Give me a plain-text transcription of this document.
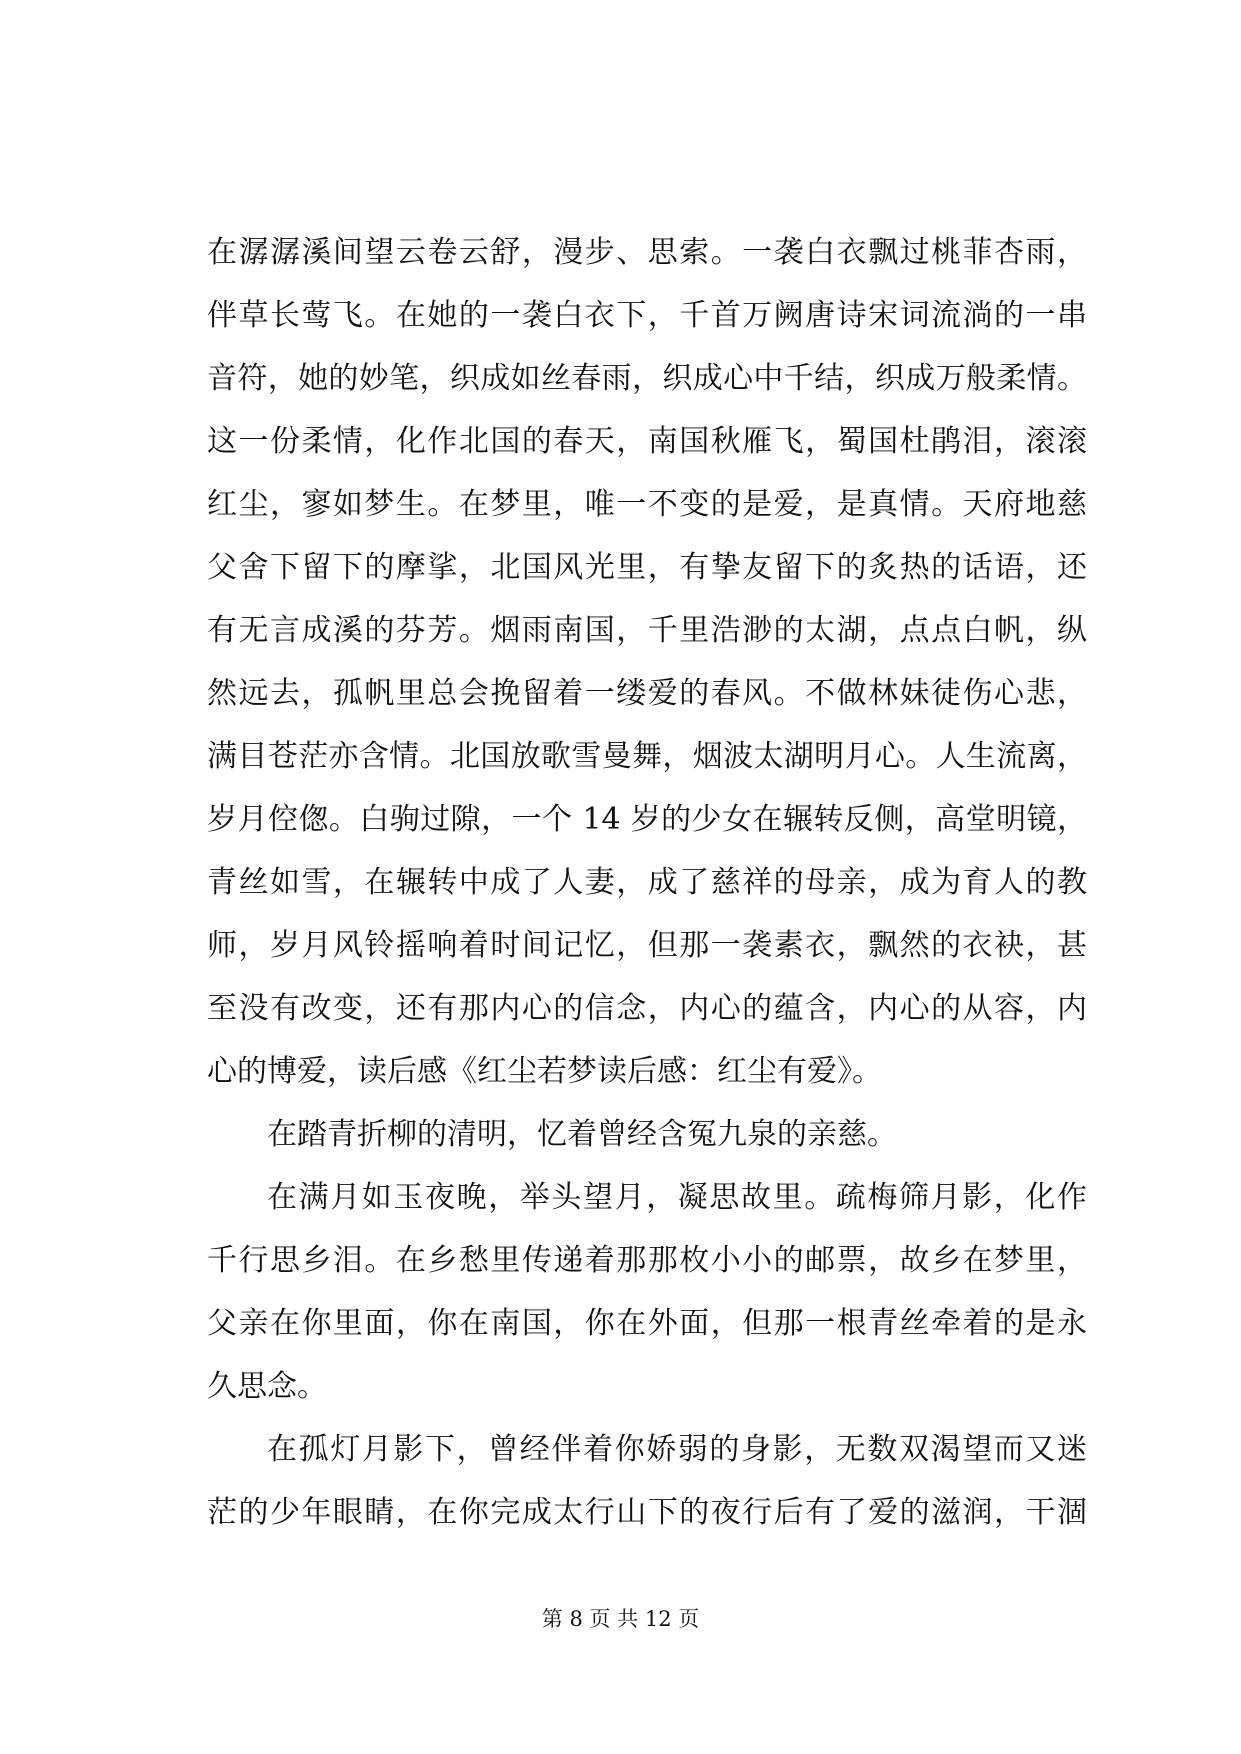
在潺潺溪间望云卷云舒，漫步、思索。一袭白衣飘过桃菲杏雨，
伴草长莺飞。在她的一袭白衣下，千首万阙唐诗宋词流淌的一串
音符，她的妙笔，织成如丝春雨，织成心中千结，织成万般柔情。
这一份柔情，化作北国的春天，南国秋雁飞，蜀国杜鹃泪，滚滚
红尘，寥如梦生。在梦里，唯一不变的是爱，是真情。天府地慈
父舍下留下的摩挲，北国风光里，有挚友留下的炙热的话语，还
有无言成溪的芬芳。烟雨南国，千里浩渺的太湖，点点白帆，纵
然远去，孤帆里总会挽留着一缕爱的春风。不做林妹徒伤心悲，
满目苍茫亦含情。北国放歌雪曼舞，烟波太湖明月心。人生流离，
岁月倥偬。白驹过隙，一个 14 岁的少女在辗转反侧，高堂明镜，
青丝如雪，在辗转中成了人妻，成了慈祥的母亲，成为育人的教
师，岁月风铃摇响着时间记忆，但那一袭素衣，飘然的衣袂，甚
至没有改变，还有那内心的信念，内心的蕴含，内心的从容，内
心的博爱，读后感《红尘若梦读后感：红尘有爱》。
在踏青折柳的清明，忆着曾经含冤九泉的亲慈。
在满月如玉夜晚，举头望月，凝思故里。疏梅筛月影，化作
千行思乡泪。在乡愁里传递着那那枚小小的邮票，故乡在梦里，
父亲在你里面，你在南国，你在外面，但那一根青丝牵着的是永
久思念。
在孤灯月影下，曾经伴着你娇弱的身影，无数双渴望而又迷
茫的少年眼睛，在你完成太行山下的夜行后有了爱的滋润，干涸
第 8 页 共 12 页
